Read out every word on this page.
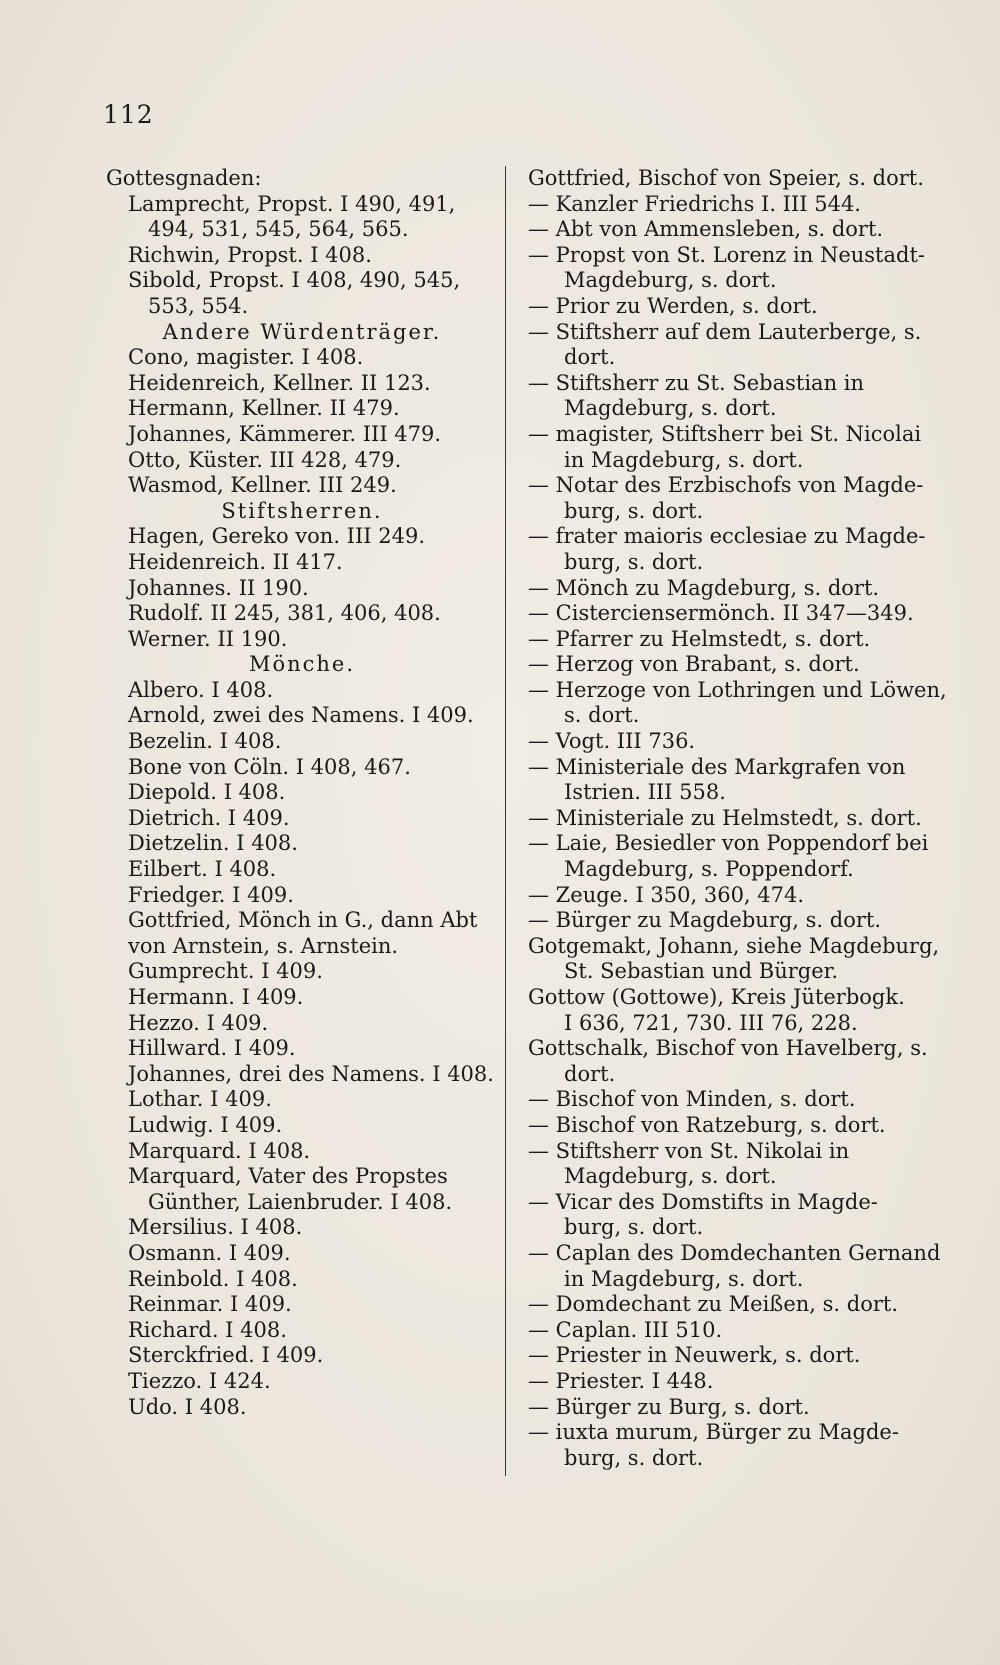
112
Gottesgnaden:
Lamprecht, Propst. I 490, 491,
494, 531, 545, 564, 565.
Richwin, Propst. I 408.
Sibold, Propst. I 408, 490, 545,
553, 554.
Andere Würdenträger.
Cono, magister. I 408.
Heidenreich, Kellner. II 123.
Hermann, Kellner. II 479.
Johannes, Kämmerer. III 479.
Otto, Küster. III 428, 479.
Wasmod, Kellner. III 249.
Stiftsherren.
Hagen, Gereko von. III 249.
Heidenreich. II 417.
Johannes. II 190.
Rudolf. II 245, 381, 406, 408.
Werner. II 190.
Mönche.
Albero. I 408.
Arnold, zwei des Namens. I 409.
Bezelin. I 408.
Bone von Cöln. I 408, 467.
Diepold. I 408.
Dietrich. I 409.
Dietzelin. I 408.
Eilbert. I 408.
Friedger. I 409.
Gottfried, Mönch in G., dann Abt
von Arnstein, s. Arnstein.
Gumprecht. I 409.
Hermann. I 409.
Hezzo. I 409.
Hillward. I 409.
Johannes, drei des Namens. I 408.
Lothar. I 409.
Ludwig. I 409.
Marquard. I 408.
Marquard, Vater des Propstes
Günther, Laienbruder. I 408.
Mersilius. I 408.
Osmann. I 409.
Reinbold. I 408.
Reinmar. I 409.
Richard. I 408.
Sterckfried. I 409.
Tiezzo. I 424.
Udo. I 408.
Gottfried, Bischof von Speier, s. dort.
— Kanzler Friedrichs I. III 544.
— Abt von Ammensleben, s. dort.
— Propst von St. Lorenz in Neustadt-
Magdeburg, s. dort.
— Prior zu Werden, s. dort.
— Stiftsherr auf dem Lauterberge, s.
dort.
— Stiftsherr zu St. Sebastian in
Magdeburg, s. dort.
— magister, Stiftsherr bei St. Nicolai
in Magdeburg, s. dort.
— Notar des Erzbischofs von Magde-
burg, s. dort.
— frater maioris ecclesiae zu Magde-
burg, s. dort.
— Mönch zu Magdeburg, s. dort.
— Cisterciensermönch. II 347—349.
— Pfarrer zu Helmstedt, s. dort.
— Herzog von Brabant, s. dort.
— Herzoge von Lothringen und Löwen,
s. dort.
— Vogt. III 736.
— Ministeriale des Markgrafen von
Istrien. III 558.
— Ministeriale zu Helmstedt, s. dort.
— Laie, Besiedler von Poppendorf bei
Magdeburg, s. Poppendorf.
— Zeuge. I 350, 360, 474.
— Bürger zu Magdeburg, s. dort.
Gotgemakt, Johann, siehe Magdeburg,
St. Sebastian und Bürger.
Gottow (Gottowe), Kreis Jüterbogk.
I 636, 721, 730. III 76, 228.
Gottschalk, Bischof von Havelberg, s.
dort.
— Bischof von Minden, s. dort.
— Bischof von Ratzeburg, s. dort.
— Stiftsherr von St. Nikolai in
Magdeburg, s. dort.
— Vicar des Domstifts in Magde-
burg, s. dort.
— Caplan des Domdechanten Gernand
in Magdeburg, s. dort.
— Domdechant zu Meißen, s. dort.
— Caplan. III 510.
— Priester in Neuwerk, s. dort.
— Priester. I 448.
— Bürger zu Burg, s. dort.
— iuxta murum, Bürger zu Magde-
burg, s. dort.
